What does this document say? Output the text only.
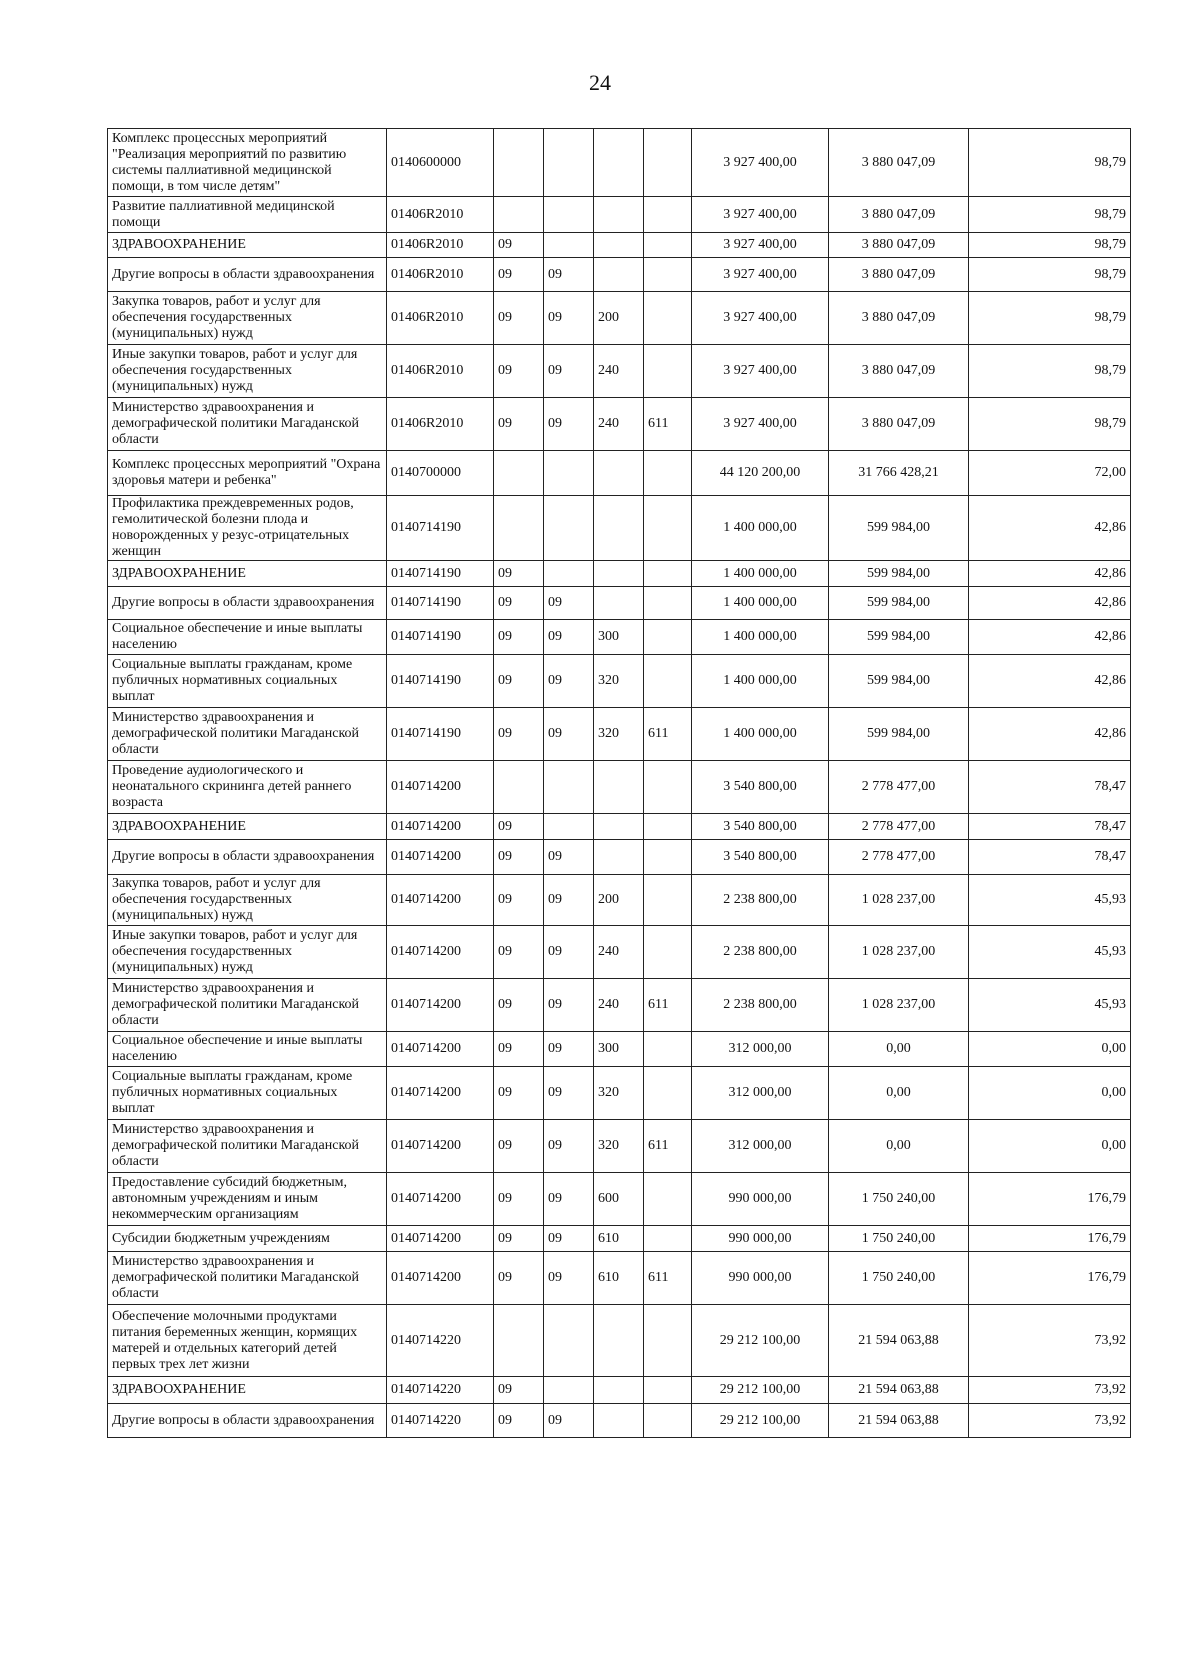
24
Комплекс процессных мероприятий "Реализация мероприятий по развитию системы паллиативной медицинской помощи, в том числе детям"	0140600000					3 927 400,00	3 880 047,09	98,79
Развитие паллиативной медицинской помощи	01406R2010					3 927 400,00	3 880 047,09	98,79
ЗДРАВООХРАНЕНИЕ	01406R2010	09				3 927 400,00	3 880 047,09	98,79
Другие вопросы в области здравоохранения	01406R2010	09	09			3 927 400,00	3 880 047,09	98,79
Закупка товаров, работ и услуг для обеспечения государственных (муниципальных) нужд	01406R2010	09	09	200		3 927 400,00	3 880 047,09	98,79
Иные закупки товаров, работ и услуг для обеспечения государственных (муниципальных) нужд	01406R2010	09	09	240		3 927 400,00	3 880 047,09	98,79
Министерство здравоохранения и демографической политики Магаданской области	01406R2010	09	09	240	611	3 927 400,00	3 880 047,09	98,79
Комплекс процессных мероприятий "Охрана здоровья матери и ребенка"	0140700000					44 120 200,00	31 766 428,21	72,00
Профилактика преждевременных родов, гемолитической болезни плода и новорожденных у резус-отрицательных женщин	0140714190					1 400 000,00	599 984,00	42,86
ЗДРАВООХРАНЕНИЕ	0140714190	09				1 400 000,00	599 984,00	42,86
Другие вопросы в области здравоохранения	0140714190	09	09			1 400 000,00	599 984,00	42,86
Социальное обеспечение и иные выплаты населению	0140714190	09	09	300		1 400 000,00	599 984,00	42,86
Социальные выплаты гражданам, кроме публичных нормативных социальных выплат	0140714190	09	09	320		1 400 000,00	599 984,00	42,86
Министерство здравоохранения и демографической политики Магаданской области	0140714190	09	09	320	611	1 400 000,00	599 984,00	42,86
Проведение аудиологического и неонатального скрининга детей раннего возраста	0140714200					3 540 800,00	2 778 477,00	78,47
ЗДРАВООХРАНЕНИЕ	0140714200	09				3 540 800,00	2 778 477,00	78,47
Другие вопросы в области здравоохранения	0140714200	09	09			3 540 800,00	2 778 477,00	78,47
Закупка товаров, работ и услуг для обеспечения государственных (муниципальных) нужд	0140714200	09	09	200		2 238 800,00	1 028 237,00	45,93
Иные закупки товаров, работ и услуг для обеспечения государственных (муниципальных) нужд	0140714200	09	09	240		2 238 800,00	1 028 237,00	45,93
Министерство здравоохранения и демографической политики Магаданской области	0140714200	09	09	240	611	2 238 800,00	1 028 237,00	45,93
Социальное обеспечение и иные выплаты населению	0140714200	09	09	300		312 000,00	0,00	0,00
Социальные выплаты гражданам, кроме публичных нормативных социальных выплат	0140714200	09	09	320		312 000,00	0,00	0,00
Министерство здравоохранения и демографической политики Магаданской области	0140714200	09	09	320	611	312 000,00	0,00	0,00
Предоставление субсидий бюджетным, автономным учреждениям и иным некоммерческим организациям	0140714200	09	09	600		990 000,00	1 750 240,00	176,79
Субсидии бюджетным учреждениям	0140714200	09	09	610		990 000,00	1 750 240,00	176,79
Министерство здравоохранения и демографической политики Магаданской области	0140714200	09	09	610	611	990 000,00	1 750 240,00	176,79
Обеспечение молочными продуктами питания беременных женщин, кормящих матерей и отдельных категорий детей первых трех лет жизни	0140714220					29 212 100,00	21 594 063,88	73,92
ЗДРАВООХРАНЕНИЕ	0140714220	09				29 212 100,00	21 594 063,88	73,92
Другие вопросы в области здравоохранения	0140714220	09	09			29 212 100,00	21 594 063,88	73,92
